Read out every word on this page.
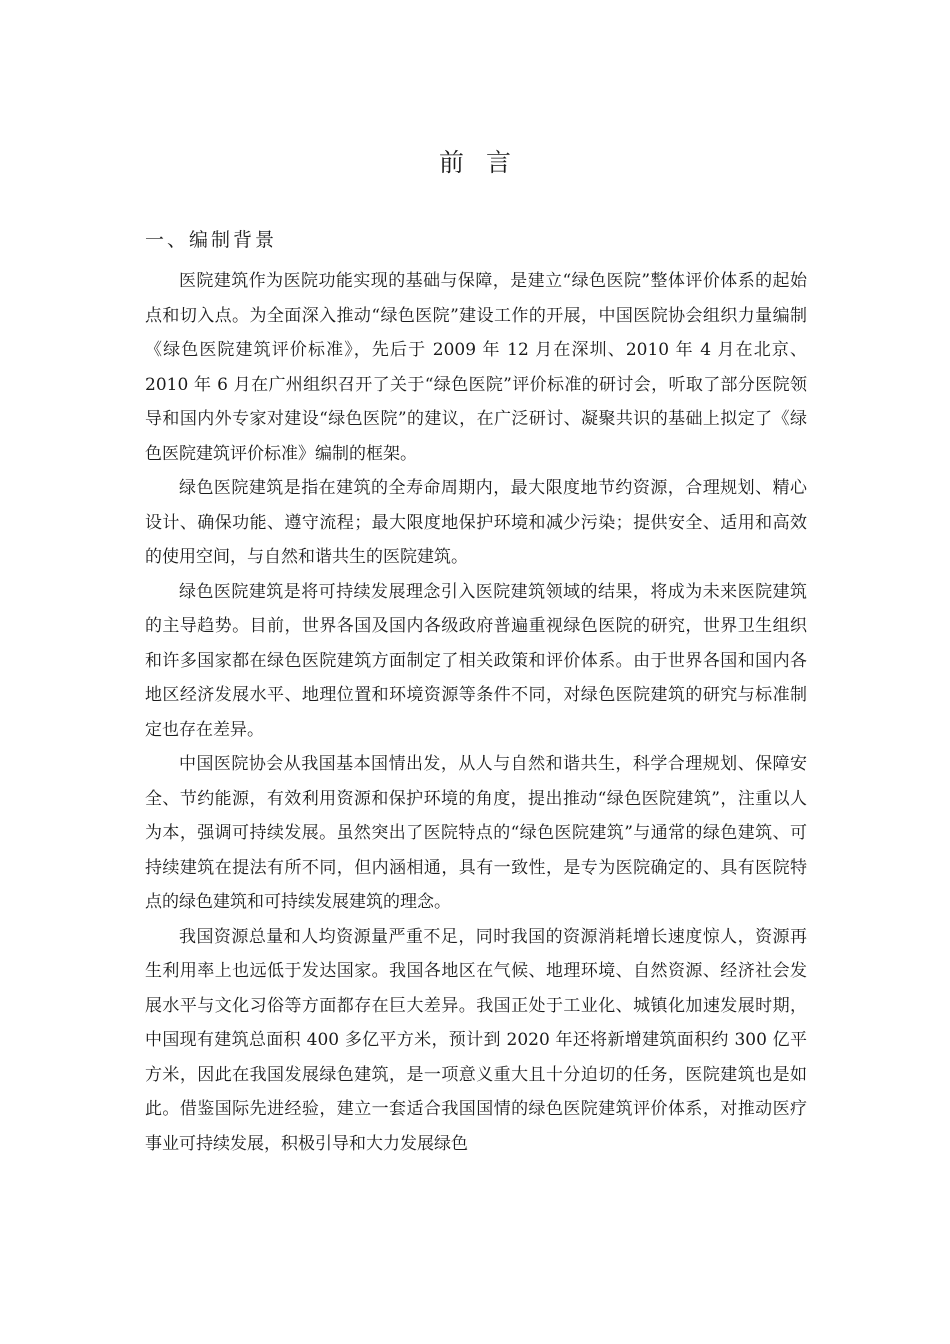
前言
一、编制背景

医院建筑作为医院功能实现的基础与保障，是建立“绿色医院”整体评价体系的起始点和切入点。为全面深入推动“绿色医院”建设工作的开展，中国医院协会组织力量编制《绿色医院建筑评价标准》，先后于 2009 年 12 月在深圳、2010 年 4 月在北京、2010 年 6 月在广州组织召开了关于“绿色医院”评价标准的研讨会，听取了部分医院领导和国内外专家对建设“绿色医院”的建议，在广泛研讨、凝聚共识的基础上拟定了《绿色医院建筑评价标准》编制的框架。

绿色医院建筑是指在建筑的全寿命周期内，最大限度地节约资源，合理规划、精心设计、确保功能、遵守流程；最大限度地保护环境和减少污染；提供安全、适用和高效的使用空间，与自然和谐共生的医院建筑。

绿色医院建筑是将可持续发展理念引入医院建筑领域的结果，将成为未来医院建筑的主导趋势。目前，世界各国及国内各级政府普遍重视绿色医院的研究，世界卫生组织和许多国家都在绿色医院建筑方面制定了相关政策和评价体系。由于世界各国和国内各地区经济发展水平、地理位置和环境资源等条件不同，对绿色医院建筑的研究与标准制定也存在差异。

中国医院协会从我国基本国情出发，从人与自然和谐共生，科学合理规划、保障安全、节约能源，有效利用资源和保护环境的角度，提出推动“绿色医院建筑”，注重以人为本，强调可持续发展。虽然突出了医院特点的“绿色医院建筑”与通常的绿色建筑、可持续建筑在提法有所不同，但内涵相通，具有一致性，是专为医院确定的、具有医院特点的绿色建筑和可持续发展建筑的理念。

我国资源总量和人均资源量严重不足，同时我国的资源消耗增长速度惊人，资源再生利用率上也远低于发达国家。我国各地区在气候、地理环境、自然资源、经济社会发展水平与文化习俗等方面都存在巨大差异。我国正处于工业化、城镇化加速发展时期，中国现有建筑总面积 400 多亿平方米，预计到 2020 年还将新增建筑面积约 300 亿平方米，因此在我国发展绿色建筑，是一项意义重大且十分迫切的任务，医院建筑也是如此。借鉴国际先进经验，建立一套适合我国国情的绿色医院建筑评价体系，对推动医疗事业可持续发展，积极引导和大力发展绿色
